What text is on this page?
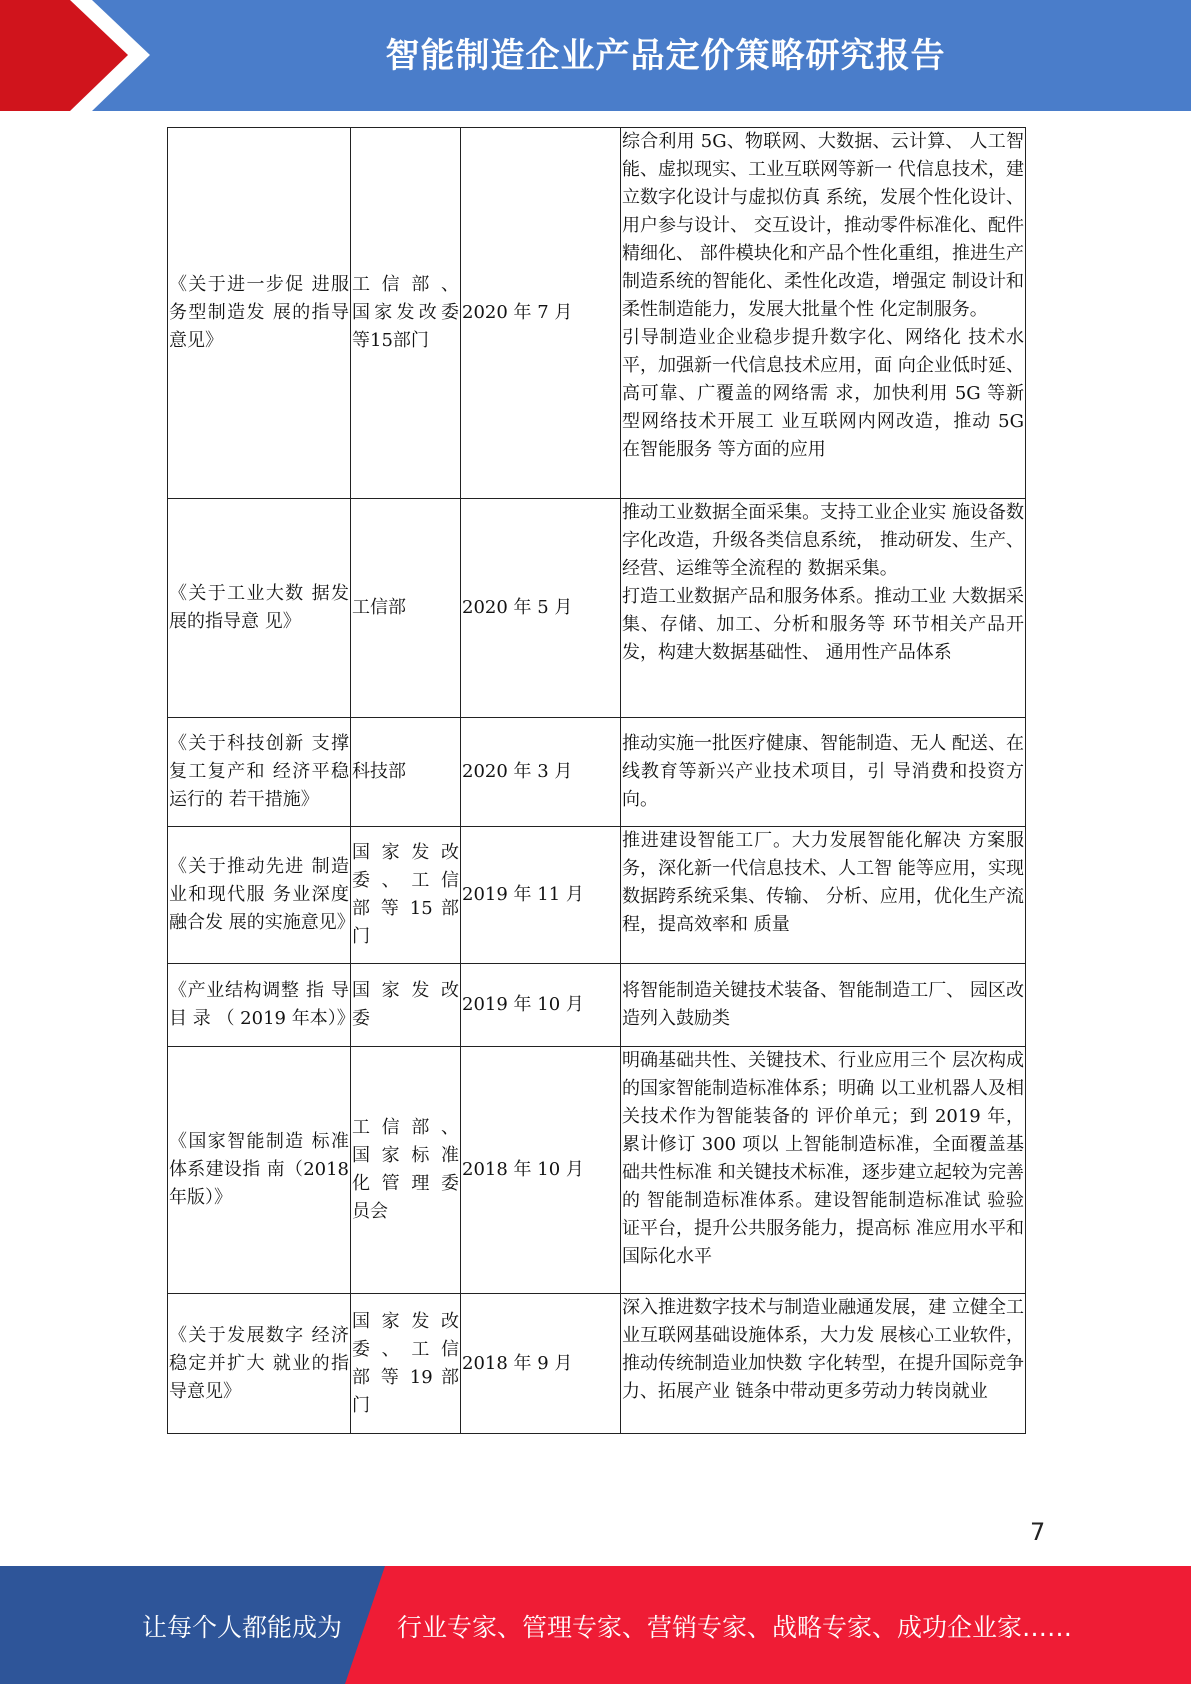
智能制造企业产品定价策略研究报告
《关于进一步促 进服务型制造发 展的指导意见》	工 信 部 、国家发改委等15部门	2020 年 7 月	综合利用 5G、物联网、大数据、云计算、 人工智能、虚拟现实、工业互联网等新一 代信息技术，建立数字化设计与虚拟仿真 系统，发展个性化设计、用户参与设计、 交互设计，推动零件标准化、配件精细化、 部件模块化和产品个性化重组，推进生产 制造系统的智能化、柔性化改造，增强定 制设计和柔性制造能力，发展大批量个性 化定制服务。
引导制造业企业稳步提升数字化、网络化 技术水平，加强新一代信息技术应用，面 向企业低时延、高可靠、广覆盖的网络需 求，加快利用 5G 等新型网络技术开展工 业互联网内网改造，推动 5G 在智能服务 等方面的应用

《关于工业大数 据发展的指导意 见》	工信部	2020 年 5 月	推动工业数据全面采集。支持工业企业实 施设备数字化改造，升级各类信息系统， 推动研发、生产、经营、运维等全流程的 数据采集。
打造工业数据产品和服务体系。推动工业 大数据采集、存储、加工、分析和服务等 环节相关产品开发，构建大数据基础性、 通用性产品体系

《关于科技创新 支撑复工复产和 经济平稳运行的 若干措施》	科技部	2020 年 3 月	推动实施一批医疗健康、智能制造、无人 配送、在线教育等新兴产业技术项目，引 导消费和投资方向。

《关于推动先进 制造业和现代服 务业深度融合发 展的实施意见》	国 家 发 改 委 、 工 信 部 等 15 部门	2019 年 11 月	推进建设智能工厂。大力发展智能化解决 方案服务，深化新一代信息技术、人工智 能等应用，实现数据跨系统采集、传输、 分析、应用，优化生产流程，提高效率和 质量

《产业结构调整 指 导 目 录 （ 2019 年本）》	国 家 发 改 委	2019 年 10 月	将智能制造关键技术装备、智能制造工厂、 园区改造列入鼓励类

《国家智能制造 标准体系建设指 南（2018 年版）》	工 信 部 、 国 家 标 准 化 管 理 委 员会	2018 年 10 月	明确基础共性、关键技术、行业应用三个 层次构成的国家智能制造标准体系；明确 以工业机器人及相关技术作为智能装备的 评价单元；到 2019 年，累计修订 300 项以 上智能制造标准，全面覆盖基础共性标准 和关键技术标准，逐步建立起较为完善的 智能制造标准体系。建设智能制造标准试 验验证平台，提升公共服务能力，提高标 准应用水平和国际化水平

《关于发展数字 经济稳定并扩大 就业的指导意见》	国 家 发 改 委 、 工 信 部 等 19 部门	2018 年 9 月	深入推进数字技术与制造业融通发展，建 立健全工业互联网基础设施体系，大力发 展核心工业软件，推动传统制造业加快数 字化转型，在提升国际竞争力、拓展产业 链条中带动更多劳动力转岗就业
7
让每个人都能成为 行业专家、管理专家、营销专家、战略专家、成功企业家……
